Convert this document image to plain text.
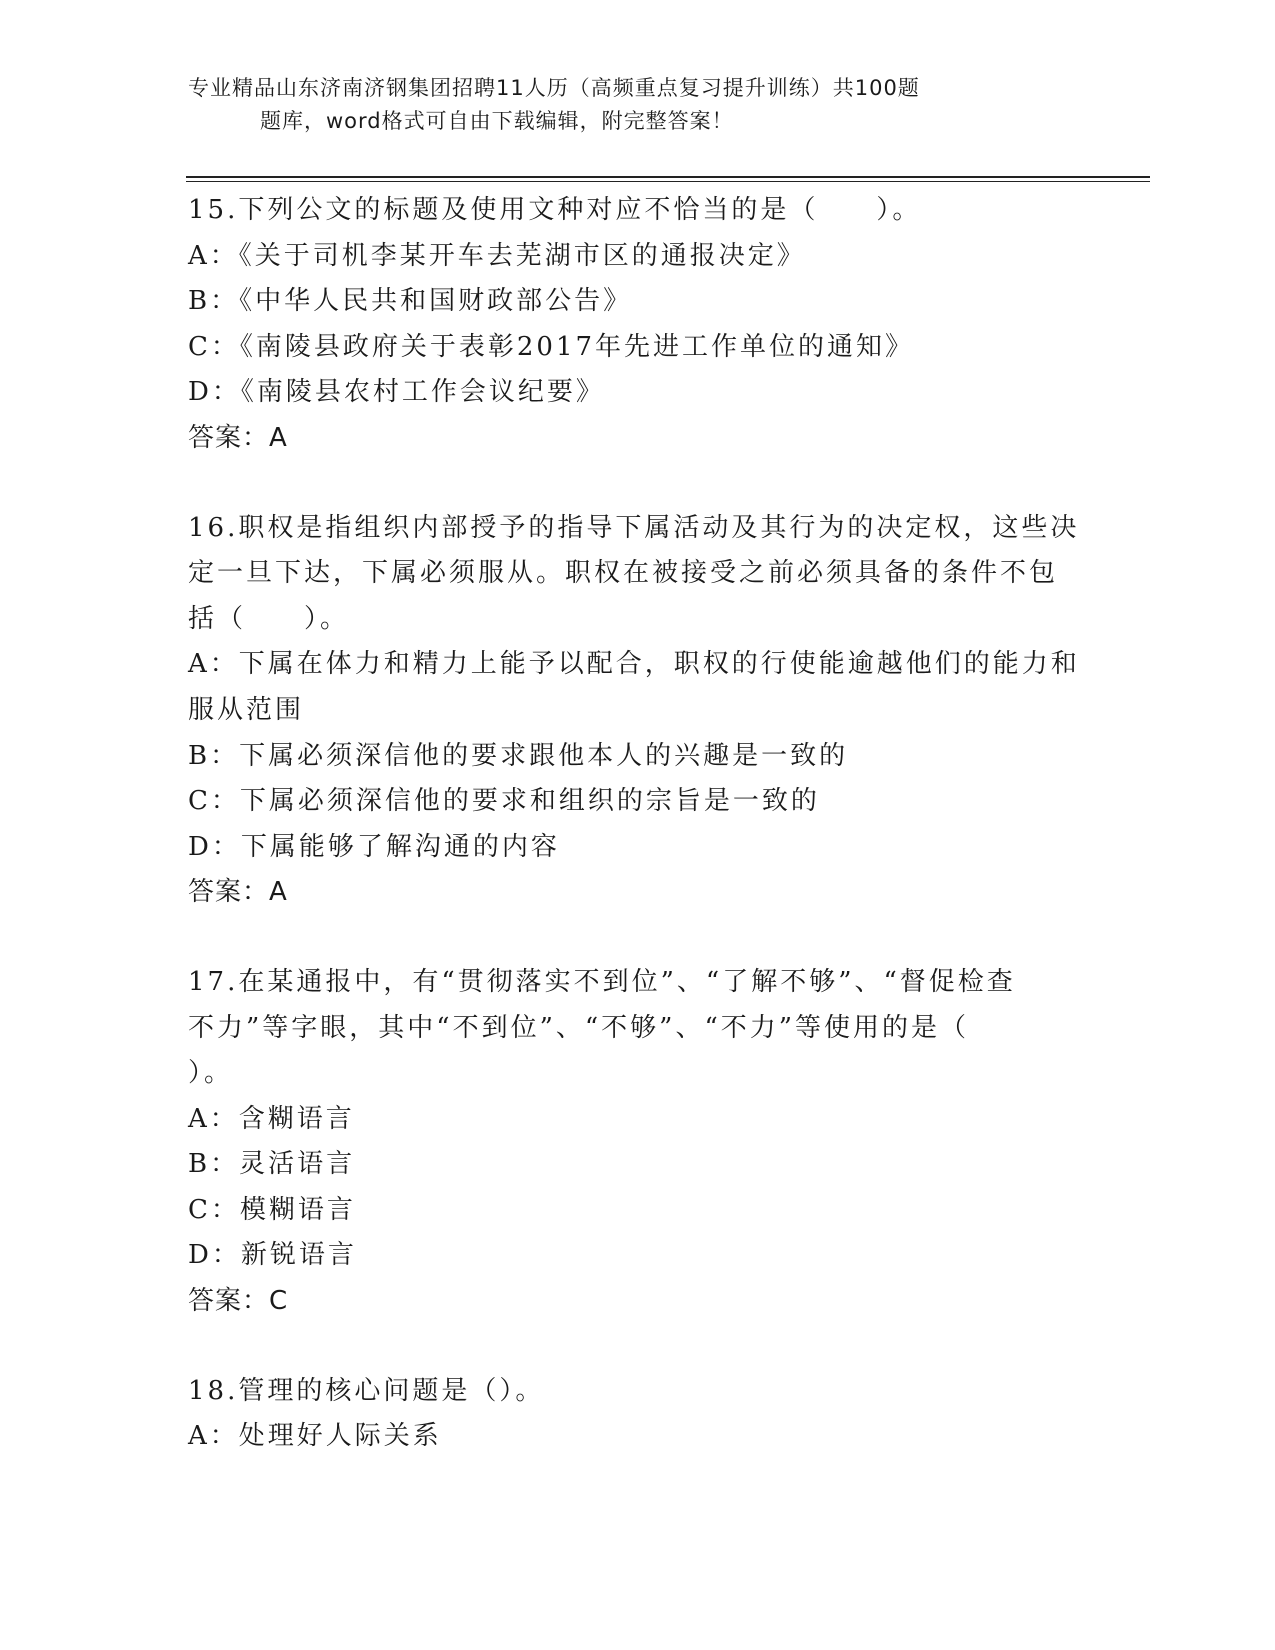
专业精品山东济南济钢集团招聘11人历（高频重点复习提升训练）共100题
题库，word格式可自由下载编辑，附完整答案！
15.下列公文的标题及使用文种对应不恰当的是（　　）。
A：《关于司机李某开车去芜湖市区的通报决定》
B：《中华人民共和国财政部公告》
C：《南陵县政府关于表彰2017年先进工作单位的通知》
D：《南陵县农村工作会议纪要》
答案：A
16.职权是指组织内部授予的指导下属活动及其行为的决定权，这些决
定一旦下达，下属必须服从。职权在被接受之前必须具备的条件不包
括（　　）。
A：下属在体力和精力上能予以配合，职权的行使能逾越他们的能力和
服从范围
B：下属必须深信他的要求跟他本人的兴趣是一致的
C：下属必须深信他的要求和组织的宗旨是一致的
D：下属能够了解沟通的内容
答案：A
17.在某通报中，有“贯彻落实不到位”、“了解不够”、“督促检查
不力”等字眼，其中“不到位”、“不够”、“不力”等使用的是（
）。
A：含糊语言
B：灵活语言
C：模糊语言
D：新锐语言
答案：C
18.管理的核心问题是（）。
A：处理好人际关系
